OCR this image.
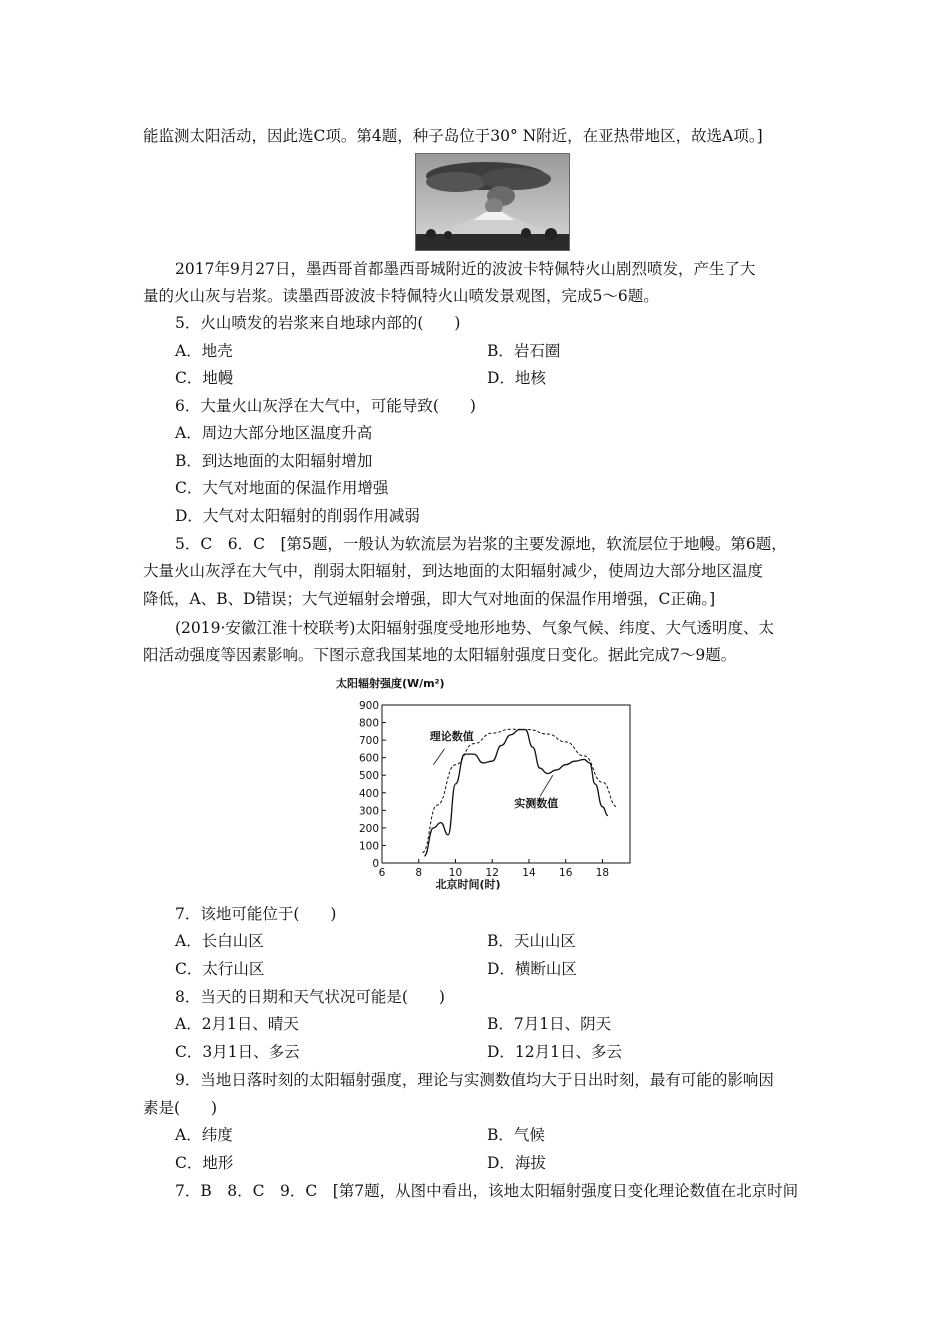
能监测太阳活动，因此选C项。第4题，种子岛位于30° N附近，在亚热带地区，故选A项。]
2017年9月27日，墨西哥首都墨西哥城附近的波波卡特佩特火山剧烈喷发，产生了大
量的火山灰与岩浆。读墨西哥波波卡特佩特火山喷发景观图，完成5～6题。
5．火山喷发的岩浆来自地球内部的(　　)
A．地壳	B．岩石圈
C．地幔	D．地核
6．大量火山灰浮在大气中，可能导致(　　)
A．周边大部分地区温度升高
B．到达地面的太阳辐射增加
C．大气对地面的保温作用增强
D．大气对太阳辐射的削弱作用减弱
5．C　6．C　[第5题，一般认为软流层为岩浆的主要发源地，软流层位于地幔。第6题，
大量火山灰浮在大气中，削弱太阳辐射，到达地面的太阳辐射减少，使周边大部分地区温度
降低，A、B、D错误；大气逆辐射会增强，即大气对地面的保温作用增强，C正确。]
(2019·安徽江淮十校联考)太阳辐射强度受地形地势、气象气候、纬度、大气透明度、太
阳活动强度等因素影响。下图示意我国某地的太阳辐射强度日变化。据此完成7～9题。
太阳辐射强度(W/m²)
北京时间(时)
0
100
200
300
400
500
600
700
800
900
6	8	10 12 14 16 18
理论数值
实测数值
7．该地可能位于(　　)
A．长白山区	B．天山山区
C．太行山区	D．横断山区
8．当天的日期和天气状况可能是(　　)
A．2月1日、晴天	B．7月1日、阴天
C．3月1日、多云	D．12月1日、多云
9．当地日落时刻的太阳辐射强度，理论与实测数值均大于日出时刻，最有可能的影响因
素是(　　)
A．纬度	B．气候
C．地形	D．海拔
7．B　8．C　9．C　[第7题，从图中看出，该地太阳辐射强度日变化理论数值在北京时间
